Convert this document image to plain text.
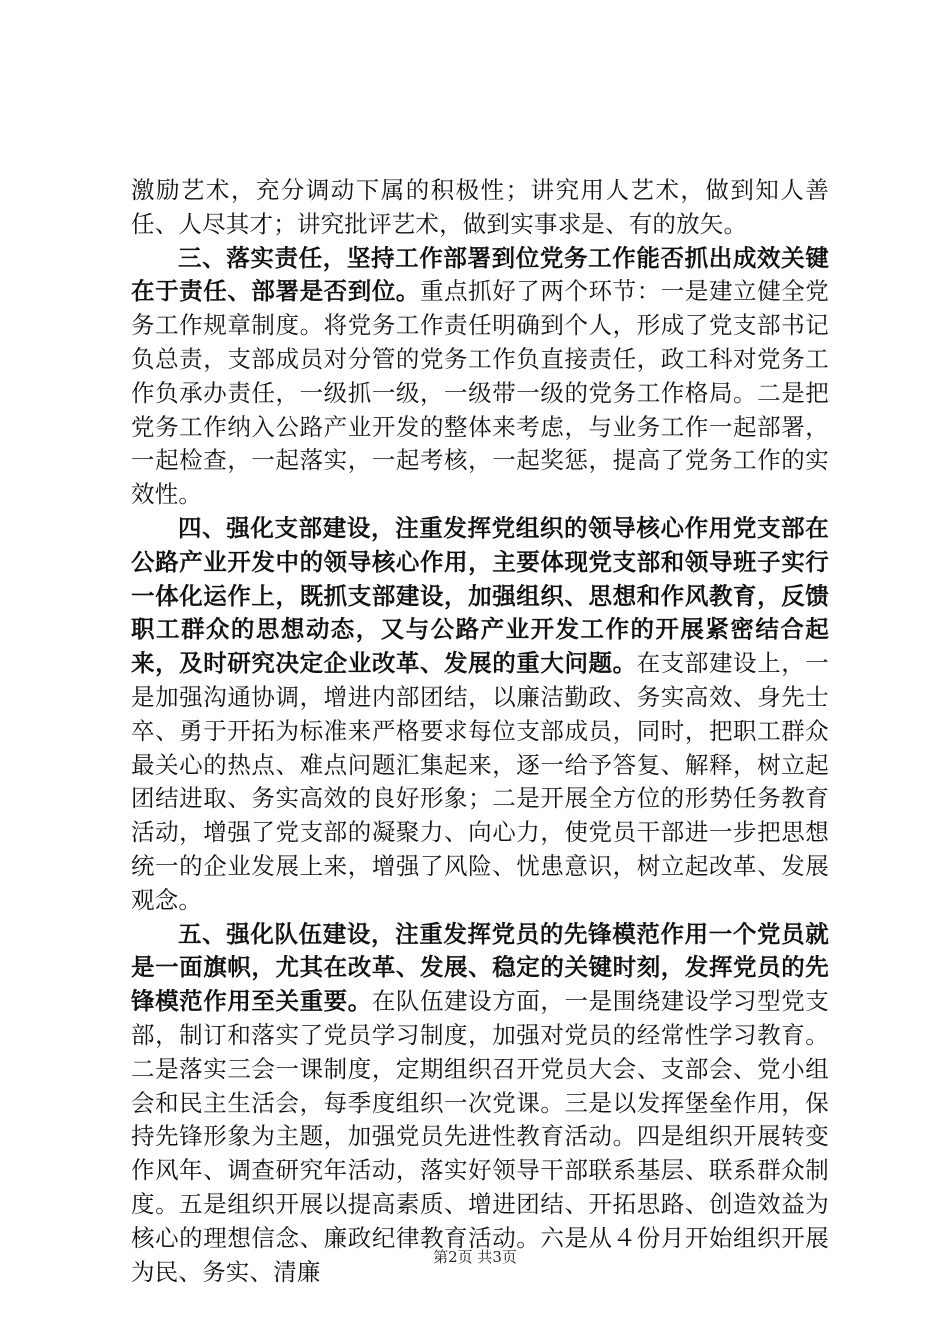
激励艺术，充分调动下属的积极性；讲究用人艺术，做到知人善任、人尽其才；讲究批评艺术，做到实事求是、有的放矢。

三、落实责任，坚持工作部署到位党务工作能否抓出成效关键在于责任、部署是否到位。重点抓好了两个环节：一是建立健全党务工作规章制度。将党务工作责任明确到个人，形成了党支部书记负总责，支部成员对分管的党务工作负直接责任，政工科对党务工作负承办责任，一级抓一级，一级带一级的党务工作格局。二是把党务工作纳入公路产业开发的整体来考虑，与业务工作一起部署，一起检查，一起落实，一起考核，一起奖惩，提高了党务工作的实效性。

四、强化支部建设，注重发挥党组织的领导核心作用党支部在公路产业开发中的领导核心作用，主要体现党支部和领导班子实行一体化运作上，既抓支部建设，加强组织、思想和作风教育，反馈职工群众的思想动态，又与公路产业开发工作的开展紧密结合起来，及时研究决定企业改革、发展的重大问题。在支部建设上，一是加强沟通协调，增进内部团结，以廉洁勤政、务实高效、身先士卒、勇于开拓为标准来严格要求每位支部成员，同时，把职工群众最关心的热点、难点问题汇集起来，逐一给予答复、解释，树立起团结进取、务实高效的良好形象；二是开展全方位的形势任务教育活动，增强了党支部的凝聚力、向心力，使党员干部进一步把思想统一的企业发展上来，增强了风险、忧患意识，树立起改革、发展观念。

五、强化队伍建设，注重发挥党员的先锋模范作用一个党员就是一面旗帜，尤其在改革、发展、稳定的关键时刻，发挥党员的先锋模范作用至关重要。在队伍建设方面，一是围绕建设学习型党支部，制订和落实了党员学习制度，加强对党员的经常性学习教育。二是落实三会一课制度，定期组织召开党员大会、支部会、党小组会和民主生活会，每季度组织一次党课。三是以发挥堡垒作用，保持先锋形象为主题，加强党员先进性教育活动。四是组织开展转变作风年、调查研究年活动，落实好领导干部联系基层、联系群众制度。五是组织开展以提高素质、增进团结、开拓思路、创造效益为核心的理想信念、廉政纪律教育活动。六是从４份月开始组织开展为民、务实、清廉

第2页 共3页
